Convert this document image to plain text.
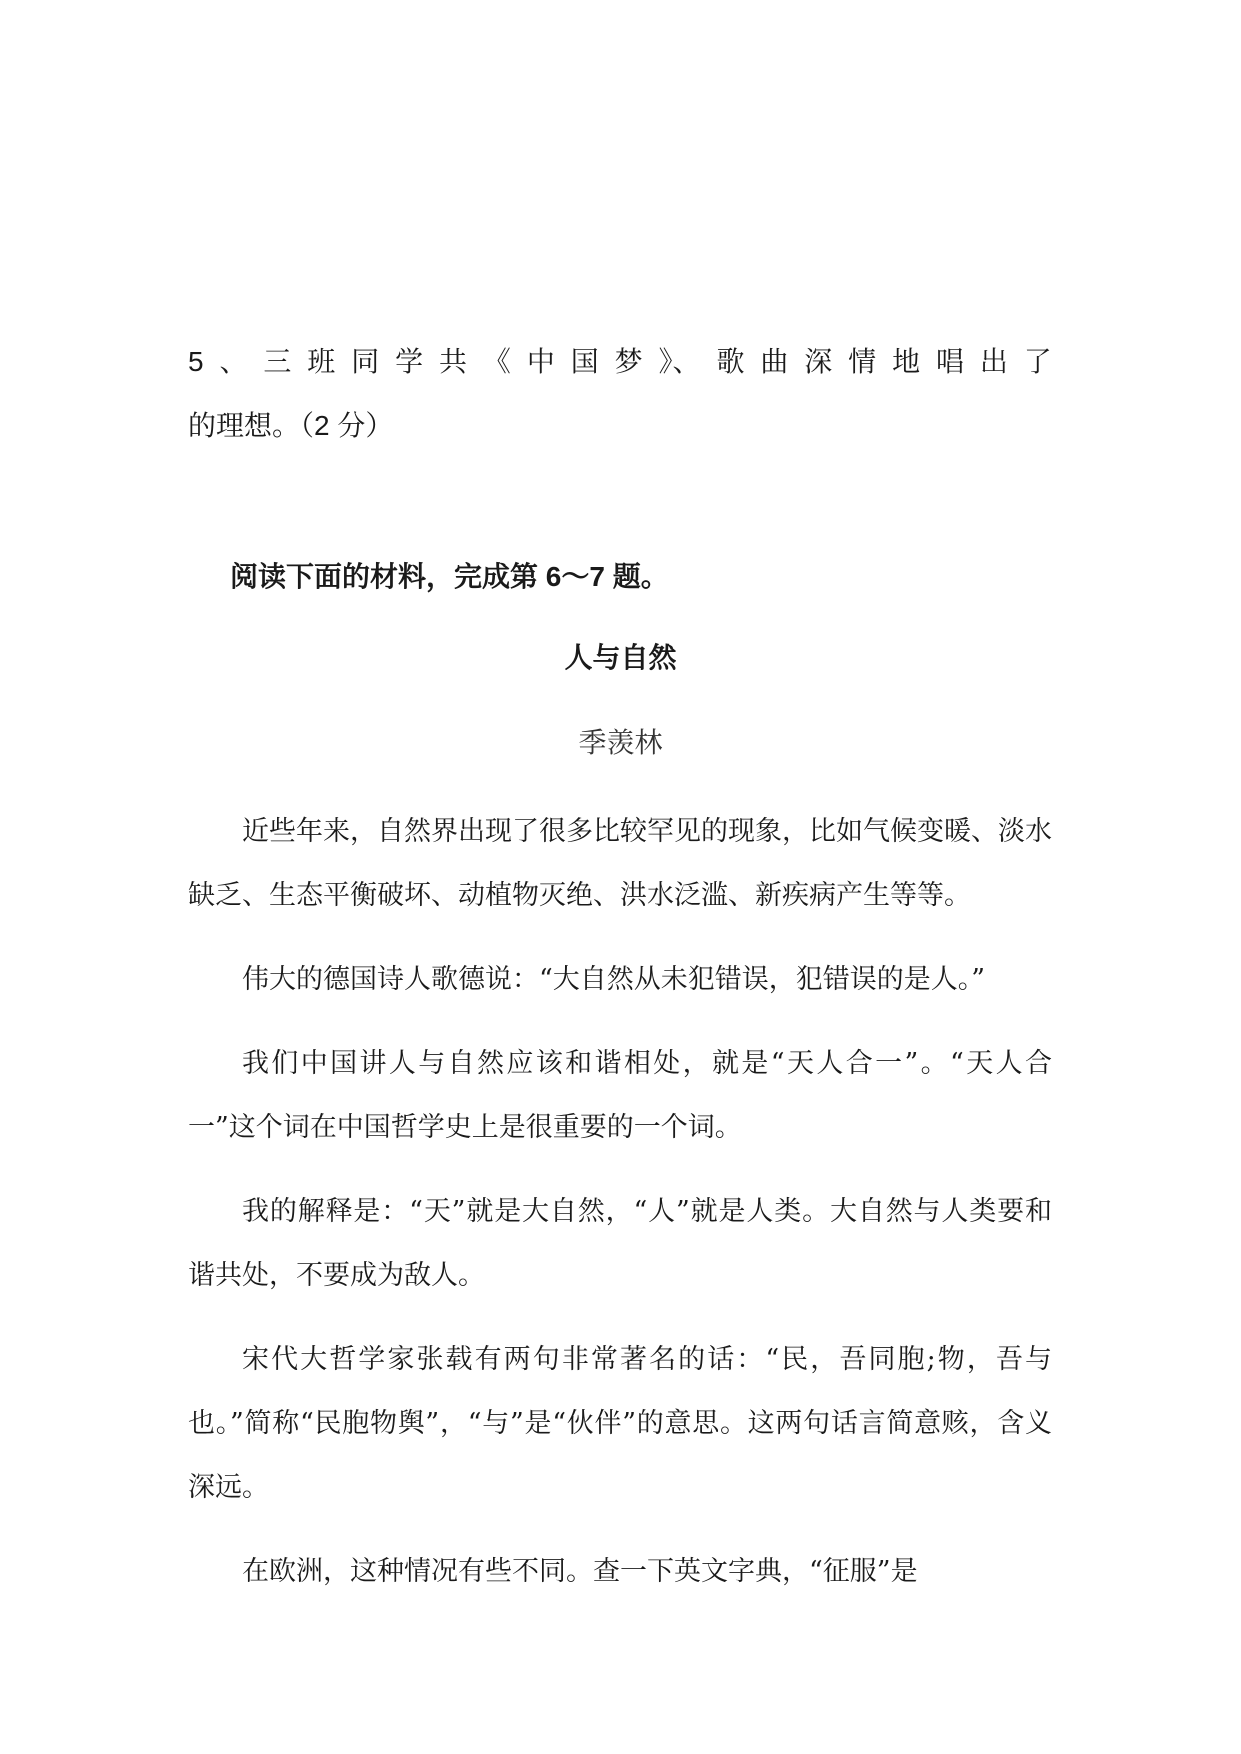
5 、 三 班 同 学 共 《 中 国 梦 》、 歌 曲 深 情 地 唱 出 了
的理想。（2 分）
阅读下面的材料，完成第 6～7 题。
人与自然
季羡林

近些年来，自然界出现了很多比较罕见的现象，比如气候变暖、淡水缺乏、生态平衡破坏、动植物灭绝、洪水泛滥、新疾病产生等等。

伟大的德国诗人歌德说：“大自然从未犯错误，犯错误的是人。”

我们中国讲人与自然应该和谐相处，就是“天人合一”。“天人合一”这个词在中国哲学史上是很重要的一个词。

我的解释是：“天”就是大自然，“人”就是人类。大自然与人类要和谐共处，不要成为敌人。

宋代大哲学家张载有两句非常著名的话：“民，吾同胞;物，吾与也。”简称“民胞物舆”，“与”是“伙伴”的意思。这两句话言简意赅，含义深远。

在欧洲，这种情况有些不同。查一下英文字典，“征服”是
